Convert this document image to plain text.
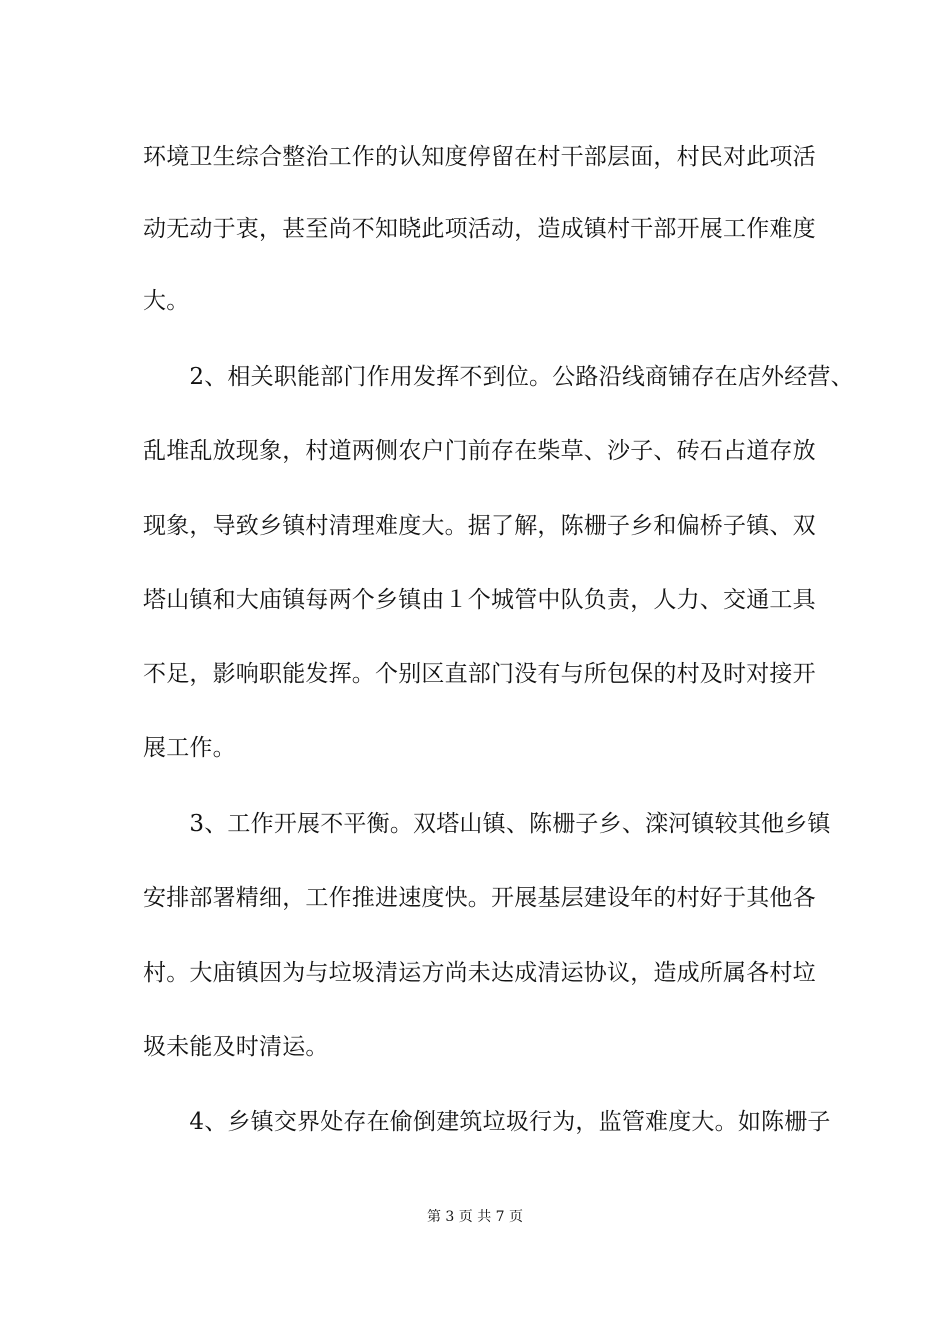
环境卫生综合整治工作的认知度停留在村干部层面，村民对此项活
动无动于衷，甚至尚不知晓此项活动，造成镇村干部开展工作难度
大。
　　2、相关职能部门作用发挥不到位。公路沿线商铺存在店外经营、
乱堆乱放现象，村道两侧农户门前存在柴草、沙子、砖石占道存放
现象，导致乡镇村清理难度大。据了解，陈栅子乡和偏桥子镇、双
塔山镇和大庙镇每两个乡镇由１个城管中队负责，人力、交通工具
不足，影响职能发挥。个别区直部门没有与所包保的村及时对接开
展工作。
　　3、工作开展不平衡。双塔山镇、陈栅子乡、滦河镇较其他乡镇
安排部署精细，工作推进速度快。开展基层建设年的村好于其他各
村。大庙镇因为与垃圾清运方尚未达成清运协议，造成所属各村垃
圾未能及时清运。
　　4、乡镇交界处存在偷倒建筑垃圾行为，监管难度大。如陈栅子
第 3 页 共 7 页
